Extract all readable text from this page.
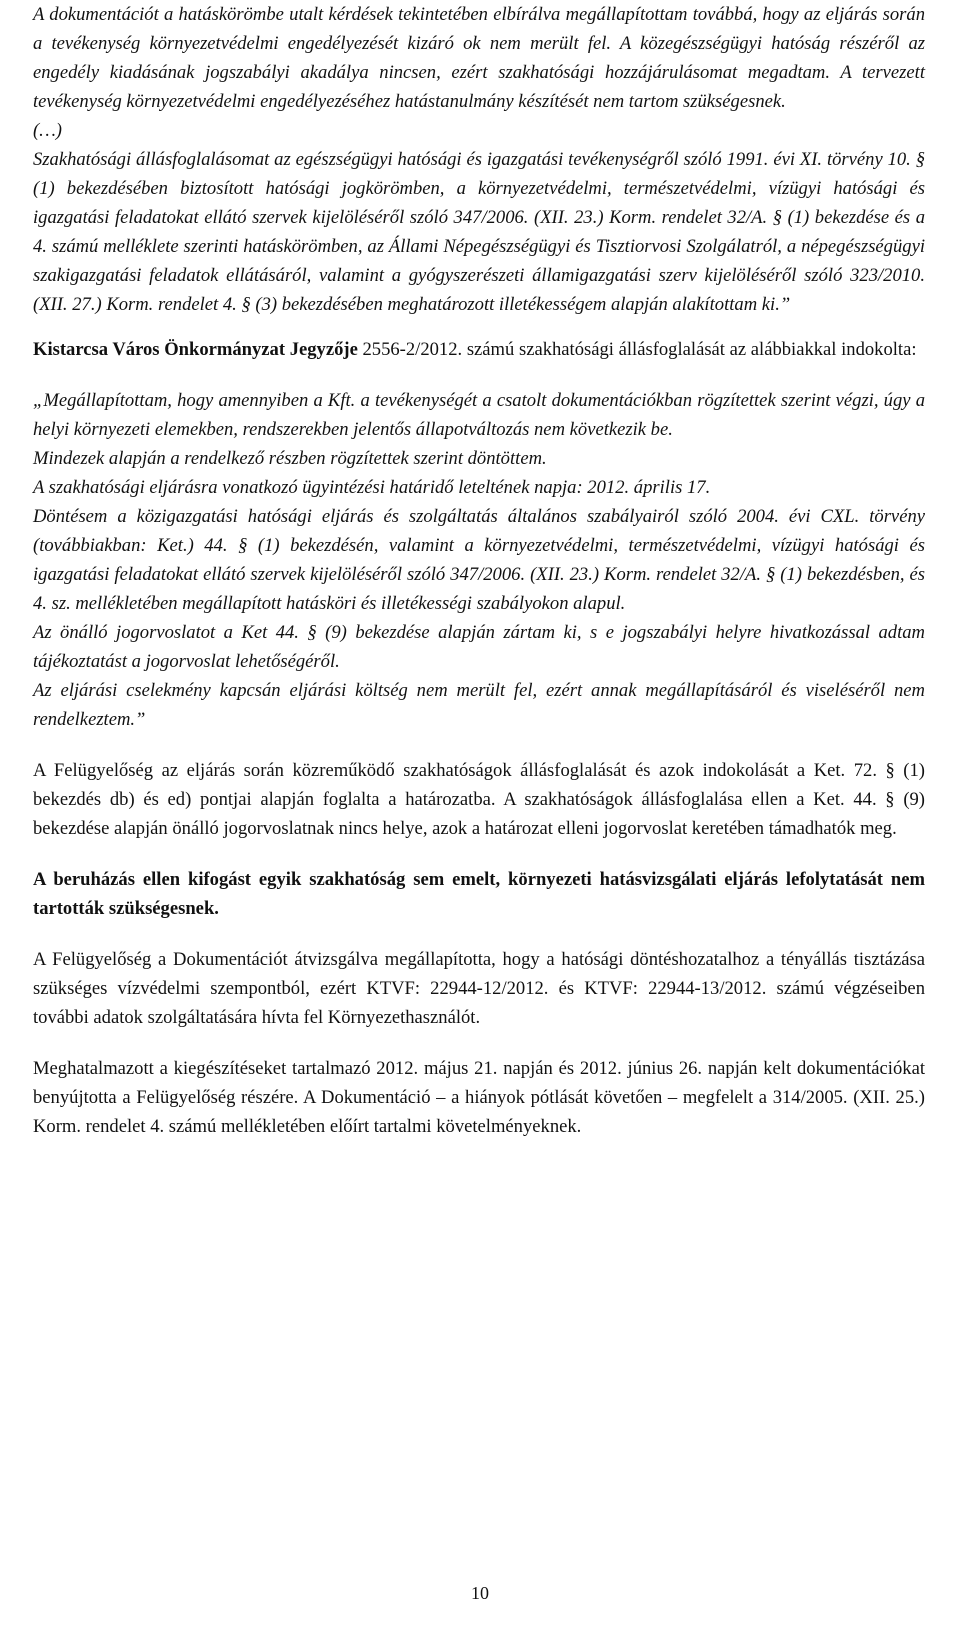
A dokumentációt a hatáskörömbe utalt kérdések tekintetében elbírálva megállapítottam továbbá, hogy az eljárás során a tevékenység környezetvédelmi engedélyezését kizáró ok nem merült fel. A közegészségügyi hatóság részéről az engedély kiadásának jogszabályi akadálya nincsen, ezért szakhatósági hozzájárulásomat megadtam. A tervezett tevékenység környezetvédelmi engedélyezéséhez hatástanulmány készítését nem tartom szükségesnek.

(…)

Szakhatósági állásfoglalásomat az egészségügyi hatósági és igazgatási tevékenységről szóló 1991. évi XI. törvény 10. § (1) bekezdésében biztosított hatósági jogkörömben, a környezetvédelmi, természetvédelmi, vízügyi hatósági és igazgatási feladatokat ellátó szervek kijelöléséről szóló 347/2006. (XII. 23.) Korm. rendelet 32/A. § (1) bekezdése és a 4. számú melléklete szerinti hatáskörömben, az Állami Népegészségügyi és Tisztiorvosi Szolgálatról, a népegészségügyi szakigazgatási feladatok ellátásáról, valamint a gyógyszerészeti államigazgatási szerv kijelöléséről szóló 323/2010. (XII. 27.) Korm. rendelet 4. § (3) bekezdésében meghatározott illetékességem alapján alakítottam ki.”

Kistarcsa Város Önkormányzat Jegyzője 2556-2/2012. számú szakhatósági állásfoglalását az alábbiakkal indokolta:

„Megállapítottam, hogy amennyiben a Kft. a tevékenységét a csatolt dokumentációkban rögzítettek szerint végzi, úgy a helyi környezeti elemekben, rendszerekben jelentős állapotváltozás nem következik be.

Mindezek alapján a rendelkező részben rögzítettek szerint döntöttem.

A szakhatósági eljárásra vonatkozó ügyintézési határidő leteltének napja: 2012. április 17.

Döntésem a közigazgatási hatósági eljárás és szolgáltatás általános szabályairól szóló 2004. évi CXL. törvény (továbbiakban: Ket.) 44. § (1) bekezdésén, valamint a környezetvédelmi, természetvédelmi, vízügyi hatósági és igazgatási feladatokat ellátó szervek kijelöléséről szóló 347/2006. (XII. 23.) Korm. rendelet 32/A. § (1) bekezdésben, és 4. sz. mellékletében megállapított hatásköri és illetékességi szabályokon alapul.

Az önálló jogorvoslatot a Ket 44. § (9) bekezdése alapján zártam ki, s e jogszabályi helyre hivatkozással adtam tájékoztatást a jogorvoslat lehetőségéről.

Az eljárási cselekmény kapcsán eljárási költség nem merült fel, ezért annak megállapításáról és viseléséről nem rendelkeztem.”

A Felügyelőség az eljárás során közreműködő szakhatóságok állásfoglalását és azok indokolását a Ket. 72. § (1) bekezdés db) és ed) pontjai alapján foglalta a határozatba. A szakhatóságok állásfoglalása ellen a Ket. 44. § (9) bekezdése alapján önálló jogorvoslatnak nincs helye, azok a határozat elleni jogorvoslat keretében támadhatók meg.

A beruházás ellen kifogást egyik szakhatóság sem emelt, környezeti hatásvizsgálati eljárás lefolytatását nem tartották szükségesnek.

A Felügyelőség a Dokumentációt átvizsgálva megállapította, hogy a hatósági döntéshozatalhoz a tényállás tisztázása szükséges vízvédelmi szempontból, ezért KTVF: 22944-12/2012. és KTVF: 22944-13/2012. számú végzéseiben további adatok szolgáltatására hívta fel Környezethasználót.

Meghatalmazott a kiegészítéseket tartalmazó 2012. május 21. napján és 2012. június 26. napján kelt dokumentációkat benyújtotta a Felügyelőség részére. A Dokumentáció – a hiányok pótlását követően – megfelelt a 314/2005. (XII. 25.) Korm. rendelet 4. számú mellékletében előírt tartalmi követelményeknek.

10
